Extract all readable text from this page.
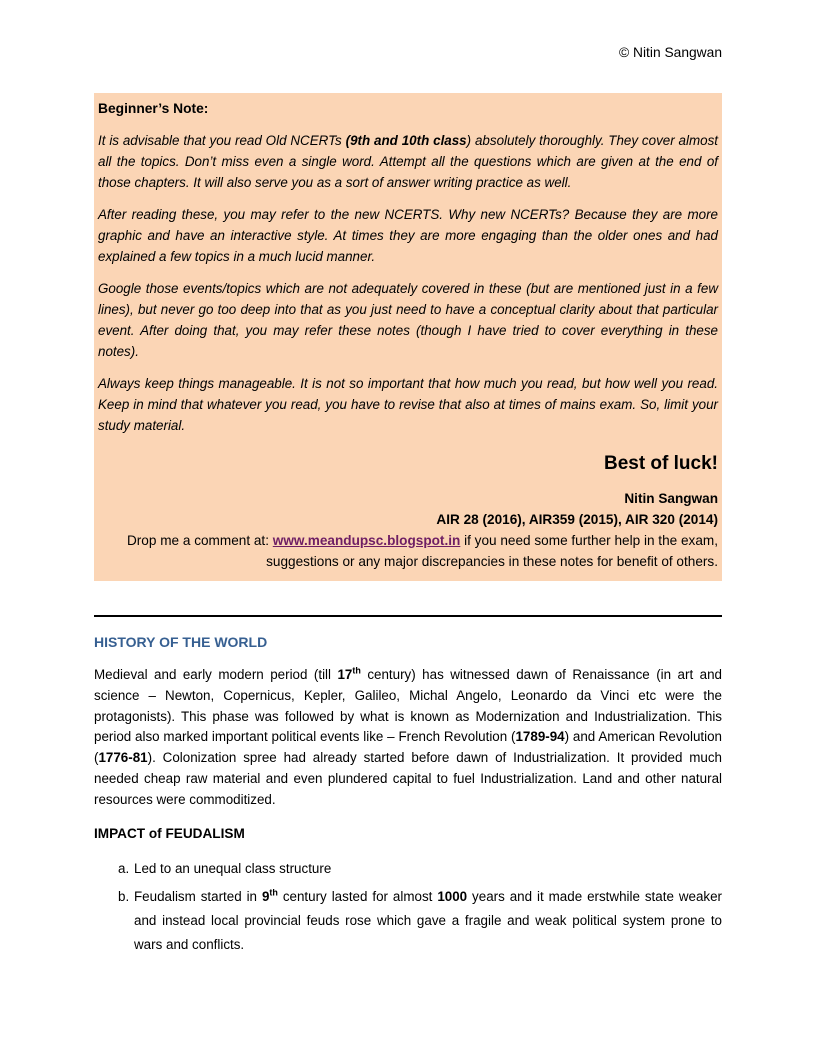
© Nitin Sangwan

Beginner’s Note:

It is advisable that you read Old NCERTs (9th and 10th class) absolutely thoroughly. They cover almost all the topics. Don’t miss even a single word. Attempt all the questions which are given at the end of those chapters. It will also serve you as a sort of answer writing practice as well.

After reading these, you may refer to the new NCERTS. Why new NCERTs? Because they are more graphic and have an interactive style. At times they are more engaging than the older ones and had explained a few topics in a much lucid manner.

Google those events/topics which are not adequately covered in these (but are mentioned just in a few lines), but never go too deep into that as you just need to have a conceptual clarity about that particular event. After doing that, you may refer these notes (though I have tried to cover everything in these notes).

Always keep things manageable. It is not so important that how much you read, but how well you read. Keep in mind that whatever you read, you have to revise that also at times of mains exam. So, limit your study material.

Best of luck!

Nitin Sangwan
AIR 28 (2016), AIR359 (2015), AIR 320 (2014)
Drop me a comment at: www.meandupsc.blogspot.in if you need some further help in the exam, suggestions or any major discrepancies in these notes for benefit of others.
HISTORY OF THE WORLD

Medieval and early modern period (till 17th century) has witnessed dawn of Renaissance (in art and science – Newton, Copernicus, Kepler, Galileo, Michal Angelo, Leonardo da Vinci etc were the protagonists). This phase was followed by what is known as Modernization and Industrialization. This period also marked important political events like – French Revolution (1789-94) and American Revolution (1776-81). Colonization spree had already started before dawn of Industrialization. It provided much needed cheap raw material and even plundered capital to fuel Industrialization. Land and other natural resources were commoditized.

IMPACT of FEUDALISM
a. Led to an unequal class structure
b. Feudalism started in 9th century lasted for almost 1000 years and it made erstwhile state weaker and instead local provincial feuds rose which gave a fragile and weak political system prone to wars and conflicts.
